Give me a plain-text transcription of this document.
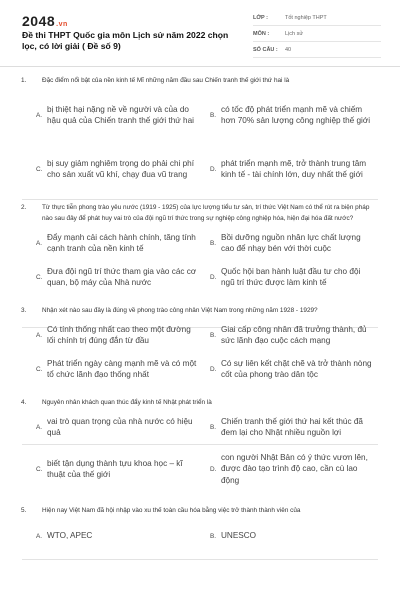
2048.vn
Đề thi THPT Quốc gia môn Lịch sử năm 2022 chọn lọc, có lời giải ( Đề số 9)
LỚP :	Tốt nghiệp THPT
MÔN :	Lịch sử
SỐ CÂU :	40
1. Đặc điểm nổi bật của nền kinh tế Mĩ những năm đầu sau Chiến tranh thế giới thứ hai là
A.
bị thiệt hại nặng nề về người và của do hậu quả của Chiến tranh thế giới thứ hai
B.
có tốc độ phát triển mạnh mẽ và chiếm hơn 70% sản lượng công nghiệp thế giới
C.
bị suy giảm nghiêm trọng do phải chi phí cho sản xuất vũ khí, chạy đua vũ trang
D.
phát triển mạnh mẽ, trở thành trung tâm kinh tế - tài chính lớn, duy nhất thế giới
2. Từ thực tiễn phong trào yêu nước (1919 - 1925) của lực lượng tiểu tư sản, trí thức Việt Nam có thể rút ra biện pháp nào sau đây để phát huy vai trò của đội ngũ trí thức trong sự nghiệp công nghiệp hóa, hiện đại hóa đất nước?
A.
Đẩy mạnh cải cách hành chính, tăng tính cạnh tranh của nền kinh tế
B.
Bồi dưỡng nguồn nhân lực chất lượng cao để nhạy bén với thời cuộc
C.
Đưa đội ngũ trí thức tham gia vào các cơ quan, bộ máy của Nhà nước
D.
Quốc hội ban hành luật đầu tư cho đội ngũ trí thức được làm kinh tế
3. Nhận xét nào sau đây là đúng về phong trào công nhân Việt Nam trong những năm 1928 - 1929?
A.
Có tính thống nhất cao theo một đường lối chính trị đúng đắn từ đầu
B.
Giai cấp công nhân đã trưởng thành, đủ sức lãnh đạo cuộc cách mạng
C.
Phát triển ngày càng mạnh mẽ và có một tổ chức lãnh đạo thống nhất
D.
Có sự liên kết chặt chẽ và trở thành nòng cốt của phong trào dân tộc
4. Nguyên nhân khách quan thúc đẩy kinh tế Nhật phát triển là
A.
vai trò quan trọng của nhà nước có hiệu quả
B.
Chiến tranh thế giới thứ hai kết thúc đã đem lại cho Nhật nhiều nguồn lợi
C.
biết tận dụng thành tựu khoa học – kĩ thuật của thế giới
D.
con người Nhật Bản có ý thức vươn lên, được đào tạo trình độ cao, cần cù lao động
5. Hiện nay Việt Nam đã hội nhập vào xu thế toàn cầu hóa bằng việc trở thành thành viên của
A. WTO, APEC	B. UNESCO
